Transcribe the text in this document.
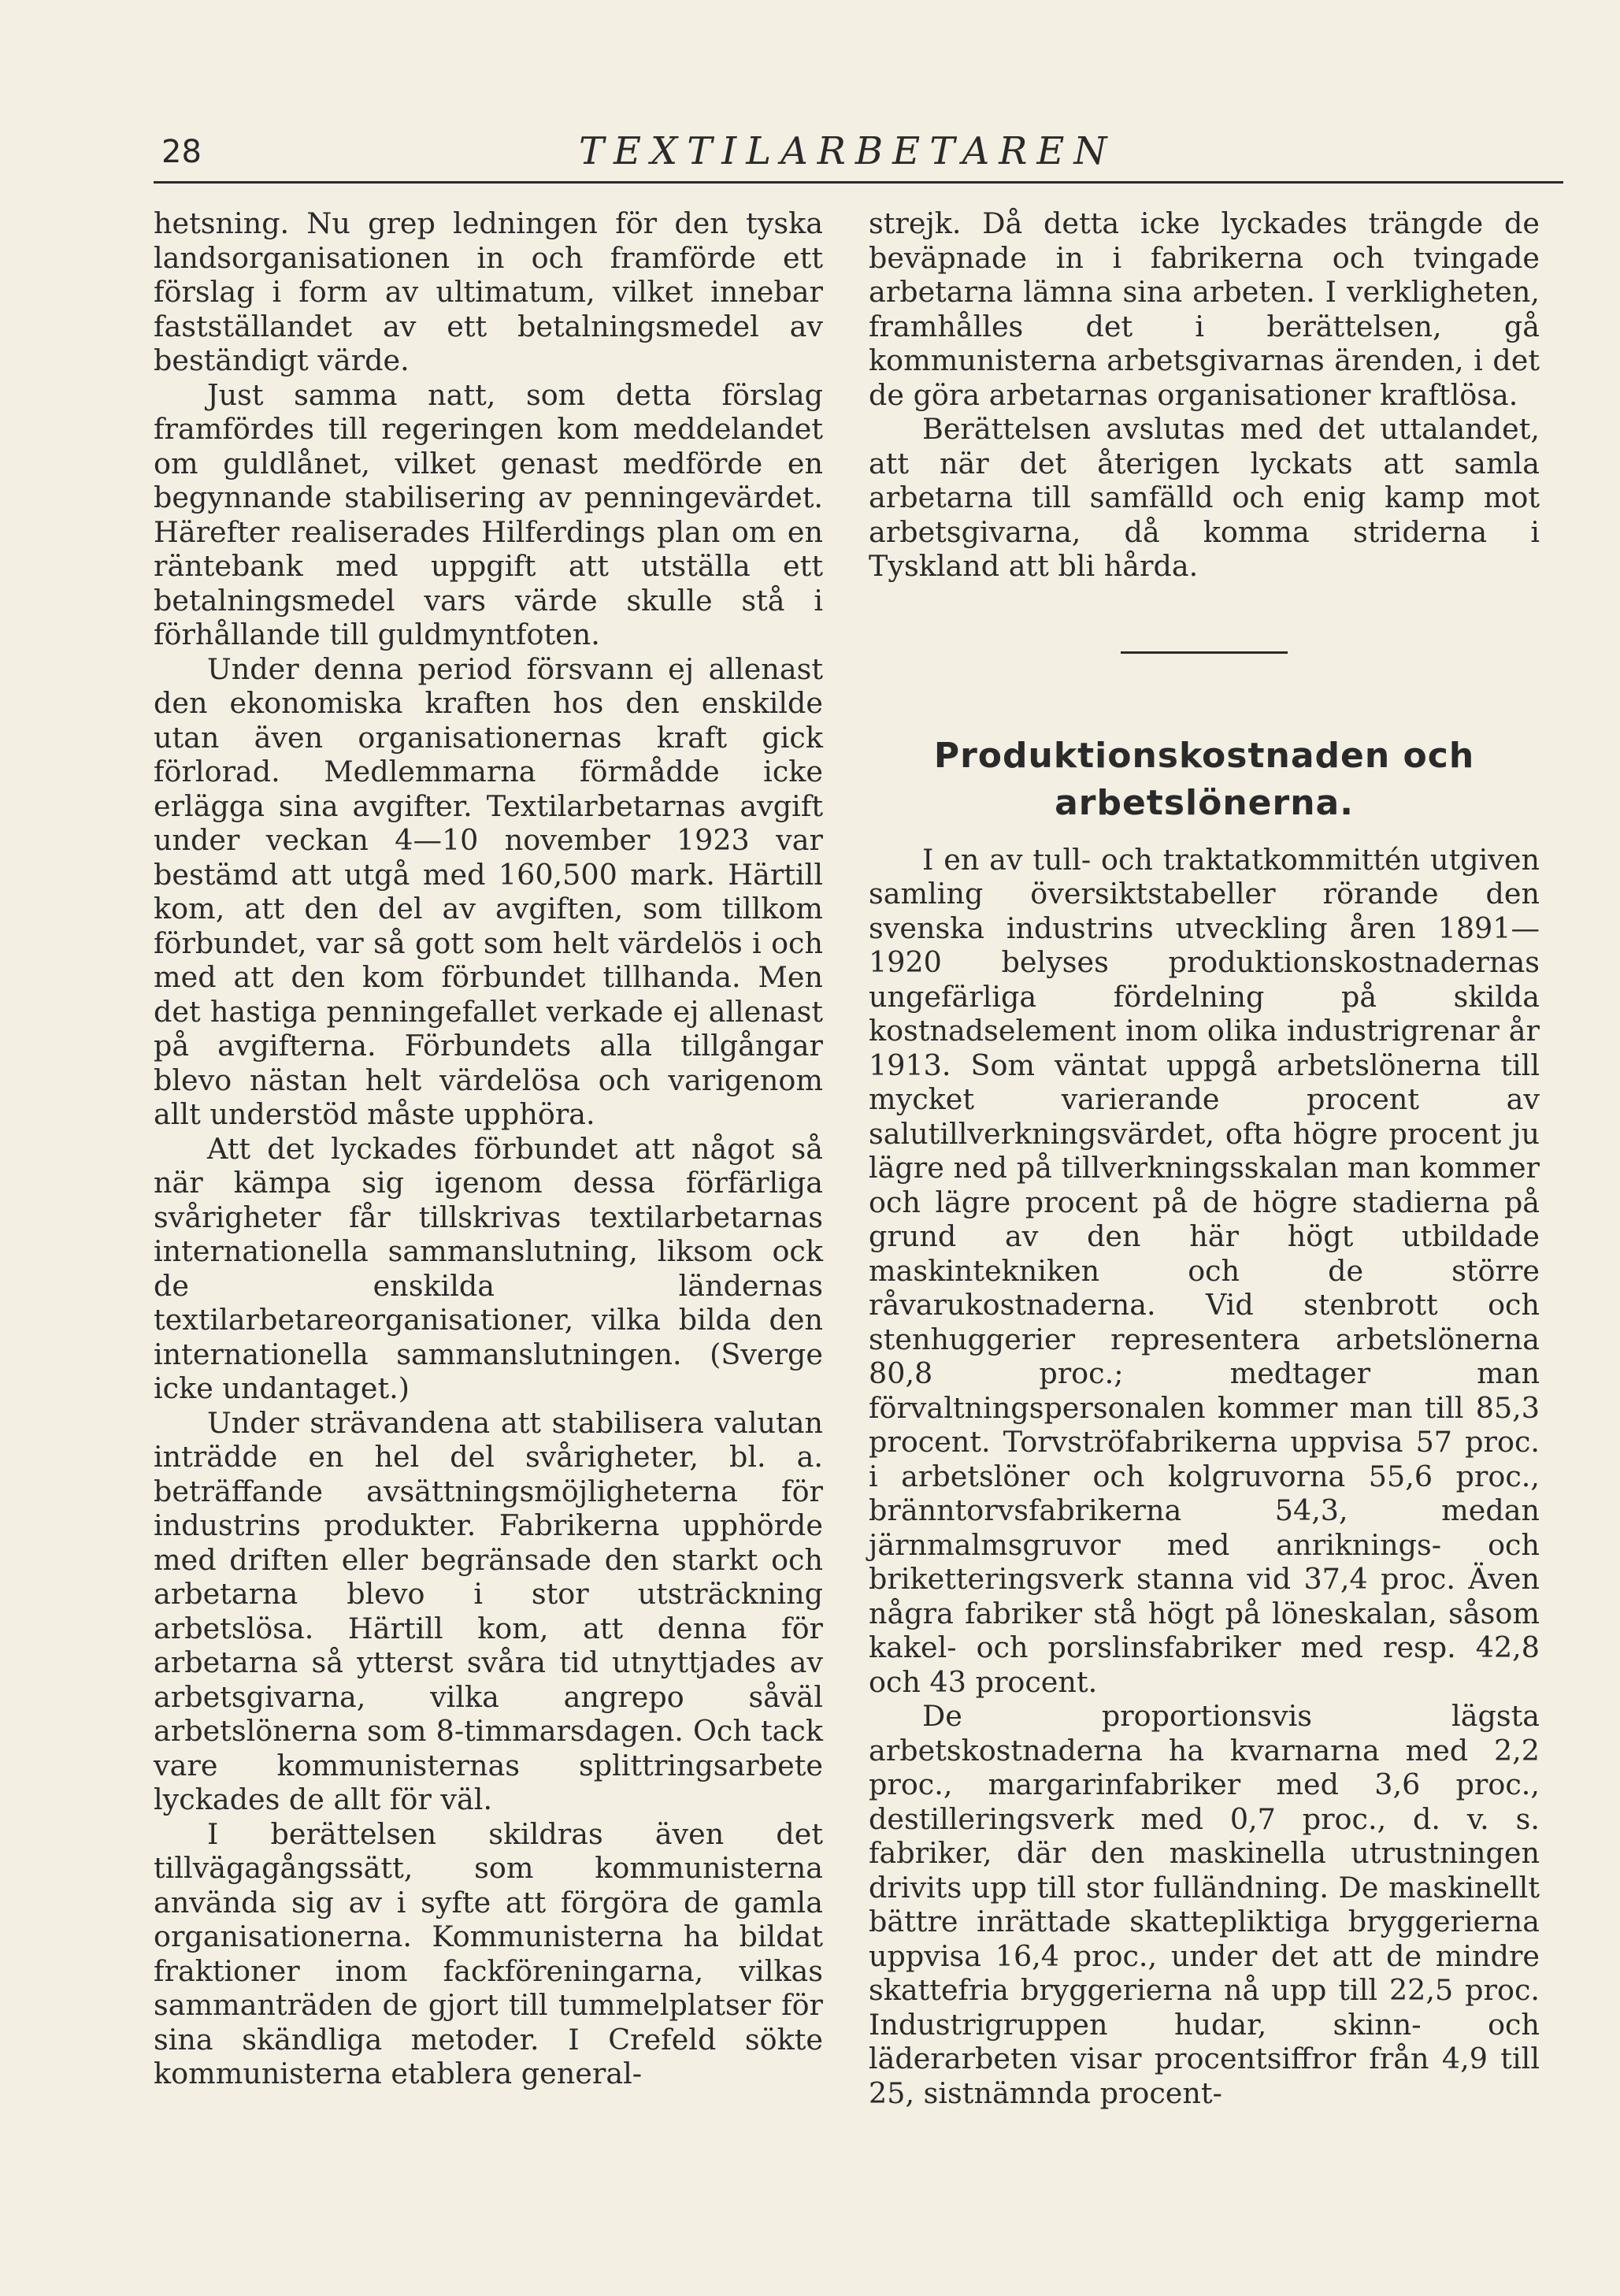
28	TEXTILARBETAREN

hetsning. Nu grep ledningen för den tyska landsorganisationen in och framförde ett förslag i form av ultimatum, vilket innebar fastställandet av ett betalningsmedel av beständigt värde.

Just samma natt, som detta förslag framfördes till regeringen kom meddelandet om guldlånet, vilket genast medförde en begynnande stabilisering av penningevärdet. Härefter realiserades Hilferdings plan om en räntebank med uppgift att utställa ett betalningsmedel vars värde skulle stå i förhållande till guldmyntfoten.

Under denna period försvann ej allenast den ekonomiska kraften hos den enskilde utan även organisationernas kraft gick förlorad. Medlemmarna förmådde icke erlägga sina avgifter. Textilarbetarnas avgift under veckan 4—10 november 1923 var bestämd att utgå med 160,500 mark. Härtill kom, att den del av avgiften, som tillkom förbundet, var så gott som helt värdelös i och med att den kom förbundet tillhanda. Men det hastiga penningefallet verkade ej allenast på avgifterna. Förbundets alla tillgångar blevo nästan helt värdelösa och varigenom allt understöd måste upphöra.

Att det lyckades förbundet att något så när kämpa sig igenom dessa förfärliga svårigheter får tillskrivas textilarbetarnas internationella sammanslutning, liksom ock de enskilda ländernas textilarbetareorganisationer, vilka bilda den internationella sammanslutningen. (Sverge icke undantaget.)

Under strävandena att stabilisera valutan inträdde en hel del svårigheter, bl. a. beträffande avsättningsmöjligheterna för industrins produkter. Fabrikerna upphörde med driften eller begränsade den starkt och arbetarna blevo i stor utsträckning arbetslösa. Härtill kom, att denna för arbetarna så ytterst svåra tid utnyttjades av arbetsgivarna, vilka angrepo såväl arbetslönerna som 8-timmarsdagen. Och tack vare kommunisternas splittringsarbete lyckades de allt för väl.

I berättelsen skildras även det tillvägagångssätt, som kommunisterna använda sig av i syfte att förgöra de gamla organisationerna. Kommunisterna ha bildat fraktioner inom fackföreningarna, vilkas sammanträden de gjort till tummelplatser för sina skändliga metoder. I Crefeld sökte kommunisterna etablera general-

strejk. Då detta icke lyckades trängde de beväpnade in i fabrikerna och tvingade arbetarna lämna sina arbeten. I verkligheten, framhålles det i berättelsen, gå kommunisterna arbetsgivarnas ärenden, i det de göra arbetarnas organisationer kraftlösa.

Berättelsen avslutas med det uttalandet, att när det återigen lyckats att samla arbetarna till samfälld och enig kamp mot arbetsgivarna, då komma striderna i Tyskland att bli hårda.

Produktionskostnaden och
arbetslönerna.

I en av tull- och traktatkommittén utgiven samling översiktstabeller rörande den svenska industrins utveckling åren 1891—1920 belyses produktionskostnadernas ungefärliga fördelning på skilda kostnadselement inom olika industrigrenar år 1913. Som väntat uppgå arbetslönerna till mycket varierande procent av salutillverkningsvärdet, ofta högre procent ju lägre ned på tillverkningsskalan man kommer och lägre procent på de högre stadierna på grund av den här högt utbildade maskintekniken och de större råvarukostnaderna. Vid stenbrott och stenhuggerier representera arbetslönerna 80,8 proc.; medtager man förvaltningspersonalen kommer man till 85,3 procent. Torvströfabrikerna uppvisa 57 proc. i arbetslöner och kolgruvorna 55,6 proc., bränntorvsfabrikerna 54,3, medan järnmalmsgruvor med anriknings- och briketteringsverk stanna vid 37,4 proc. Även några fabriker stå högt på löneskalan, såsom kakel- och porslinsfabriker med resp. 42,8 och 43 procent.

De proportionsvis lägsta arbetskostnaderna ha kvarnarna med 2,2 proc., margarinfabriker med 3,6 proc., destilleringsverk med 0,7 proc., d. v. s. fabriker, där den maskinella utrustningen drivits upp till stor fulländning. De maskinellt bättre inrättade skattepliktiga bryggerierna uppvisa 16,4 proc., under det att de mindre skattefria bryggerierna nå upp till 22,5 proc. Industrigruppen hudar, skinn- och läderarbeten visar procentsiffror från 4,9 till 25, sistnämnda procent-
